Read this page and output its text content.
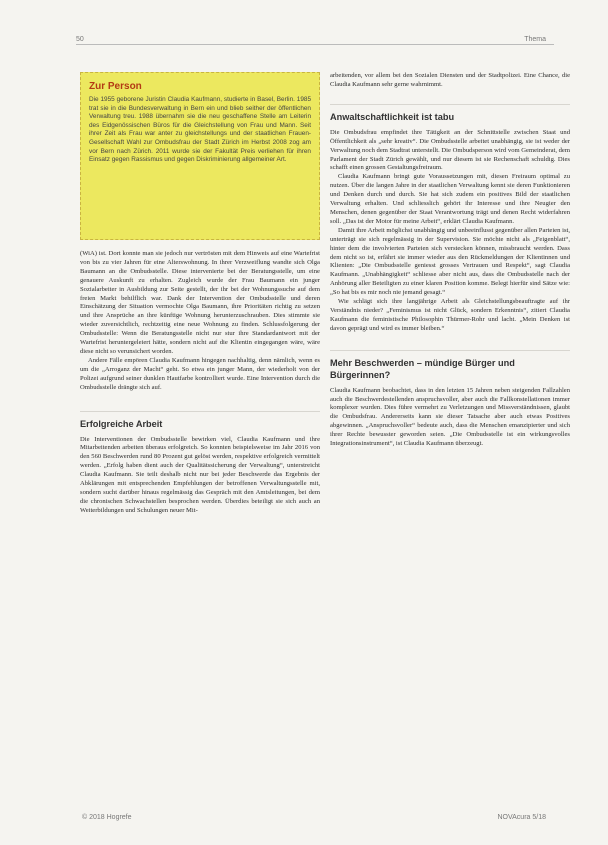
50	Thema
Zur Person

Die 1955 geborene Juristin Claudia Kaufmann, studierte in Basel, Berlin. 1985 trat sie in die Bundesverwaltung in Bern ein und blieb seither der öffentlichen Verwaltung treu. 1988 übernahm sie die neu geschaffene Stelle am Leiterin des Eidgenössischen Büros für die Gleichstellung von Frau und Mann. Seit ihrer Zeit als Frau war anter zu gleichstellungs und der staatlichen Frauen-Gesellschaft Wahl zur Ombudsfrau der Stadt Zürich im Herbst 2008 zog am vor Bern nach Zürich. 2011 wurde sie der Fakultät Preis verliehen für ihren Einsatz gegen Rassismus und gegen Diskriminierung allgemeiner Art.

(WiA) ist. Dort konnte man sie jedoch nur vertrösten mit dem Hinweis auf eine Wartefrist von bis zu vier Jahren für eine Alterswohnung. In ihrer Verzweiflung wandte sich Olga Baumann an die Ombudsstelle. Diese intervenierte bei der Beratungsstelle, um eine genauere Auskunft zu erhalten. Zugleich wurde der Frau Baumann ein junger Sozialarbeiter in Ausbildung zur Seite gestellt, der ihr bei der Wohnungssuche auf dem freien Markt behilflich war. Dank der Intervention der Ombudsstelle und deren Einschätzung der Situation vermochte Olga Baumann, ihre Prioritäten richtig zu setzen und ihre Ansprüche an ihre künftige Wohnung herunterzuschrauben. Dies stimmte sie wieder zuversichtlich, rechtzeitig eine neue Wohnung zu finden. Schlussfolgerung der Ombudsstelle: Wenn die Beratungsstelle nicht nur stur ihre Standardantwort mit der Wartefrist heruntergeleiert hätte, sondern nicht auf die Klientin eingegangen wäre, wäre diese nicht so verunsichert worden.

Andere Fälle empören Claudia Kaufmann hingegen nachhaltig, denn nämlich, wenn es um die „Arroganz der Macht“ geht. So etwa ein junger Mann, der wiederholt von der Polizei aufgrund seiner dunklen Hautfarbe kontrolliert wurde. Eine Intervention durch die Ombudsstelle drängte sich auf.

Erfolgreiche Arbeit

Die Interventionen der Ombudsstelle bewirken viel, Claudia Kaufmann und ihre Mitarbeitenden arbeiten überaus erfolgreich. So konnten beispielsweise im Jahr 2016 von den 560 Beschwerden rund 80 Prozent gut gelöst werden, respektive erfolgreich vermittelt werden. „Erfolg haben dient auch der Qualitätssicherung der Verwaltung“, unterstreicht Claudia Kaufmann. Sie teilt deshalb nicht nur bei jeder Beschwerde das Ergebnis der Abklärungen mit entsprechenden Empfehlungen der betroffenen Verwaltungsstelle mit, sondern sucht darüber hinaus regelmässig das Gespräch mit den Amtsleitungen, bei dem die chronischen Schwachstellen besprochen werden. Überdies beteiligt sie sich auch an Weiterbildungen und Schulungen neuer Mit-

arbeitenden, vor allem bei den Sozialen Diensten und der Stadtpolizei. Eine Chance, die Claudia Kaufmann sehr gerne wahrnimmt.

Anwaltschaftlichkeit ist tabu

Die Ombudsfrau empfindet ihre Tätigkeit an der Schnittstelle zwischen Staat und Öffentlichkeit als „sehr kreativ“. Die Ombudsstelle arbeitet unabhängig, sie ist weder der Verwaltung noch dem Stadtrat unterstellt. Die Ombudsperson wird vom Gemeinderat, dem Parlament der Stadt Zürich gewählt, und nur diesem ist sie Rechenschaft schuldig. Dies schafft einen grossen Gestaltungsfreiraum.

Claudia Kaufmann bringt gute Voraussetzungen mit, diesen Freiraum optimal zu nutzen. Über die langen Jahre in der staatlichen Verwaltung kennt sie deren Funktionieren und Denken durch und durch. Sie hat sich zudem ein positives Bild der staatlichen Verwaltung erhalten. Und schliesslich gehört ihr Interesse und ihre Neugier den Menschen, denen gegenüber der Staat Verantwortung trägt und denen Recht widerfahren soll. „Das ist der Motor für meine Arbeit“, erklärt Claudia Kaufmann.

Damit ihre Arbeit möglichst unabhängig und unbeeinflusst gegenüber allen Parteien ist, unterträgt sie sich regelmässig in der Supervision. Sie möchte nicht als „Feigenblatt“, hinter dem die involvierten Parteien sich verstecken können, missbraucht werden. Dass dem nicht so ist, erfährt sie immer wieder aus den Rückmeldungen der Klientinnen und Klienten: „Die Ombudsstelle geniesst grosses Vertrauen und Respekt“, sagt Claudia Kaufmann. „Unabhängigkeit“ schliesse aber nicht aus, dass die Ombudsstelle nach der Anhörung aller Beteiligten zu einer klaren Position komme. Belegt hierfür sind Sätze wie: „So hat bis es mir noch nie jemand gesagt.“

Wie schlägt sich ihre langjährige Arbeit als Gleichstellungsbeauftragte auf ihr Verständnis nieder? „Feminismus ist nicht Glück, sondern Erkenntnis“, zitiert Claudia Kaufmann die feministische Philosophin Thürmer-Rohr und lacht. „Mein Denken ist davon geprägt und wird es immer bleiben.“

Mehr Beschwerden – mündige Bürger und Bürgerinnen?

Claudia Kaufmann beobachtet, dass in den letzten 15 Jahren neben steigenden Fallzahlen auch die Beschwerdestellenden anspruchsvoller, aber auch die Fallkonstellationen immer komplexer wurden. Dies führe vermehrt zu Verletzungen und Missverständnissen, glaubt die Ombudsfrau. Andererseits kann sie dieser Tatsache aber auch etwas Positives abgewinnen. „Anspruchsvoller“ bedeute auch, dass die Menschen emanzipierter und sich ihrer Rechte bewusster geworden seien. „Die Ombudsstelle ist ein wirkungsvolles Integrationsinstrument“, ist Claudia Kaufmann überzeugt.

© 2018 Hogrefe	NOVAcura 5/18
